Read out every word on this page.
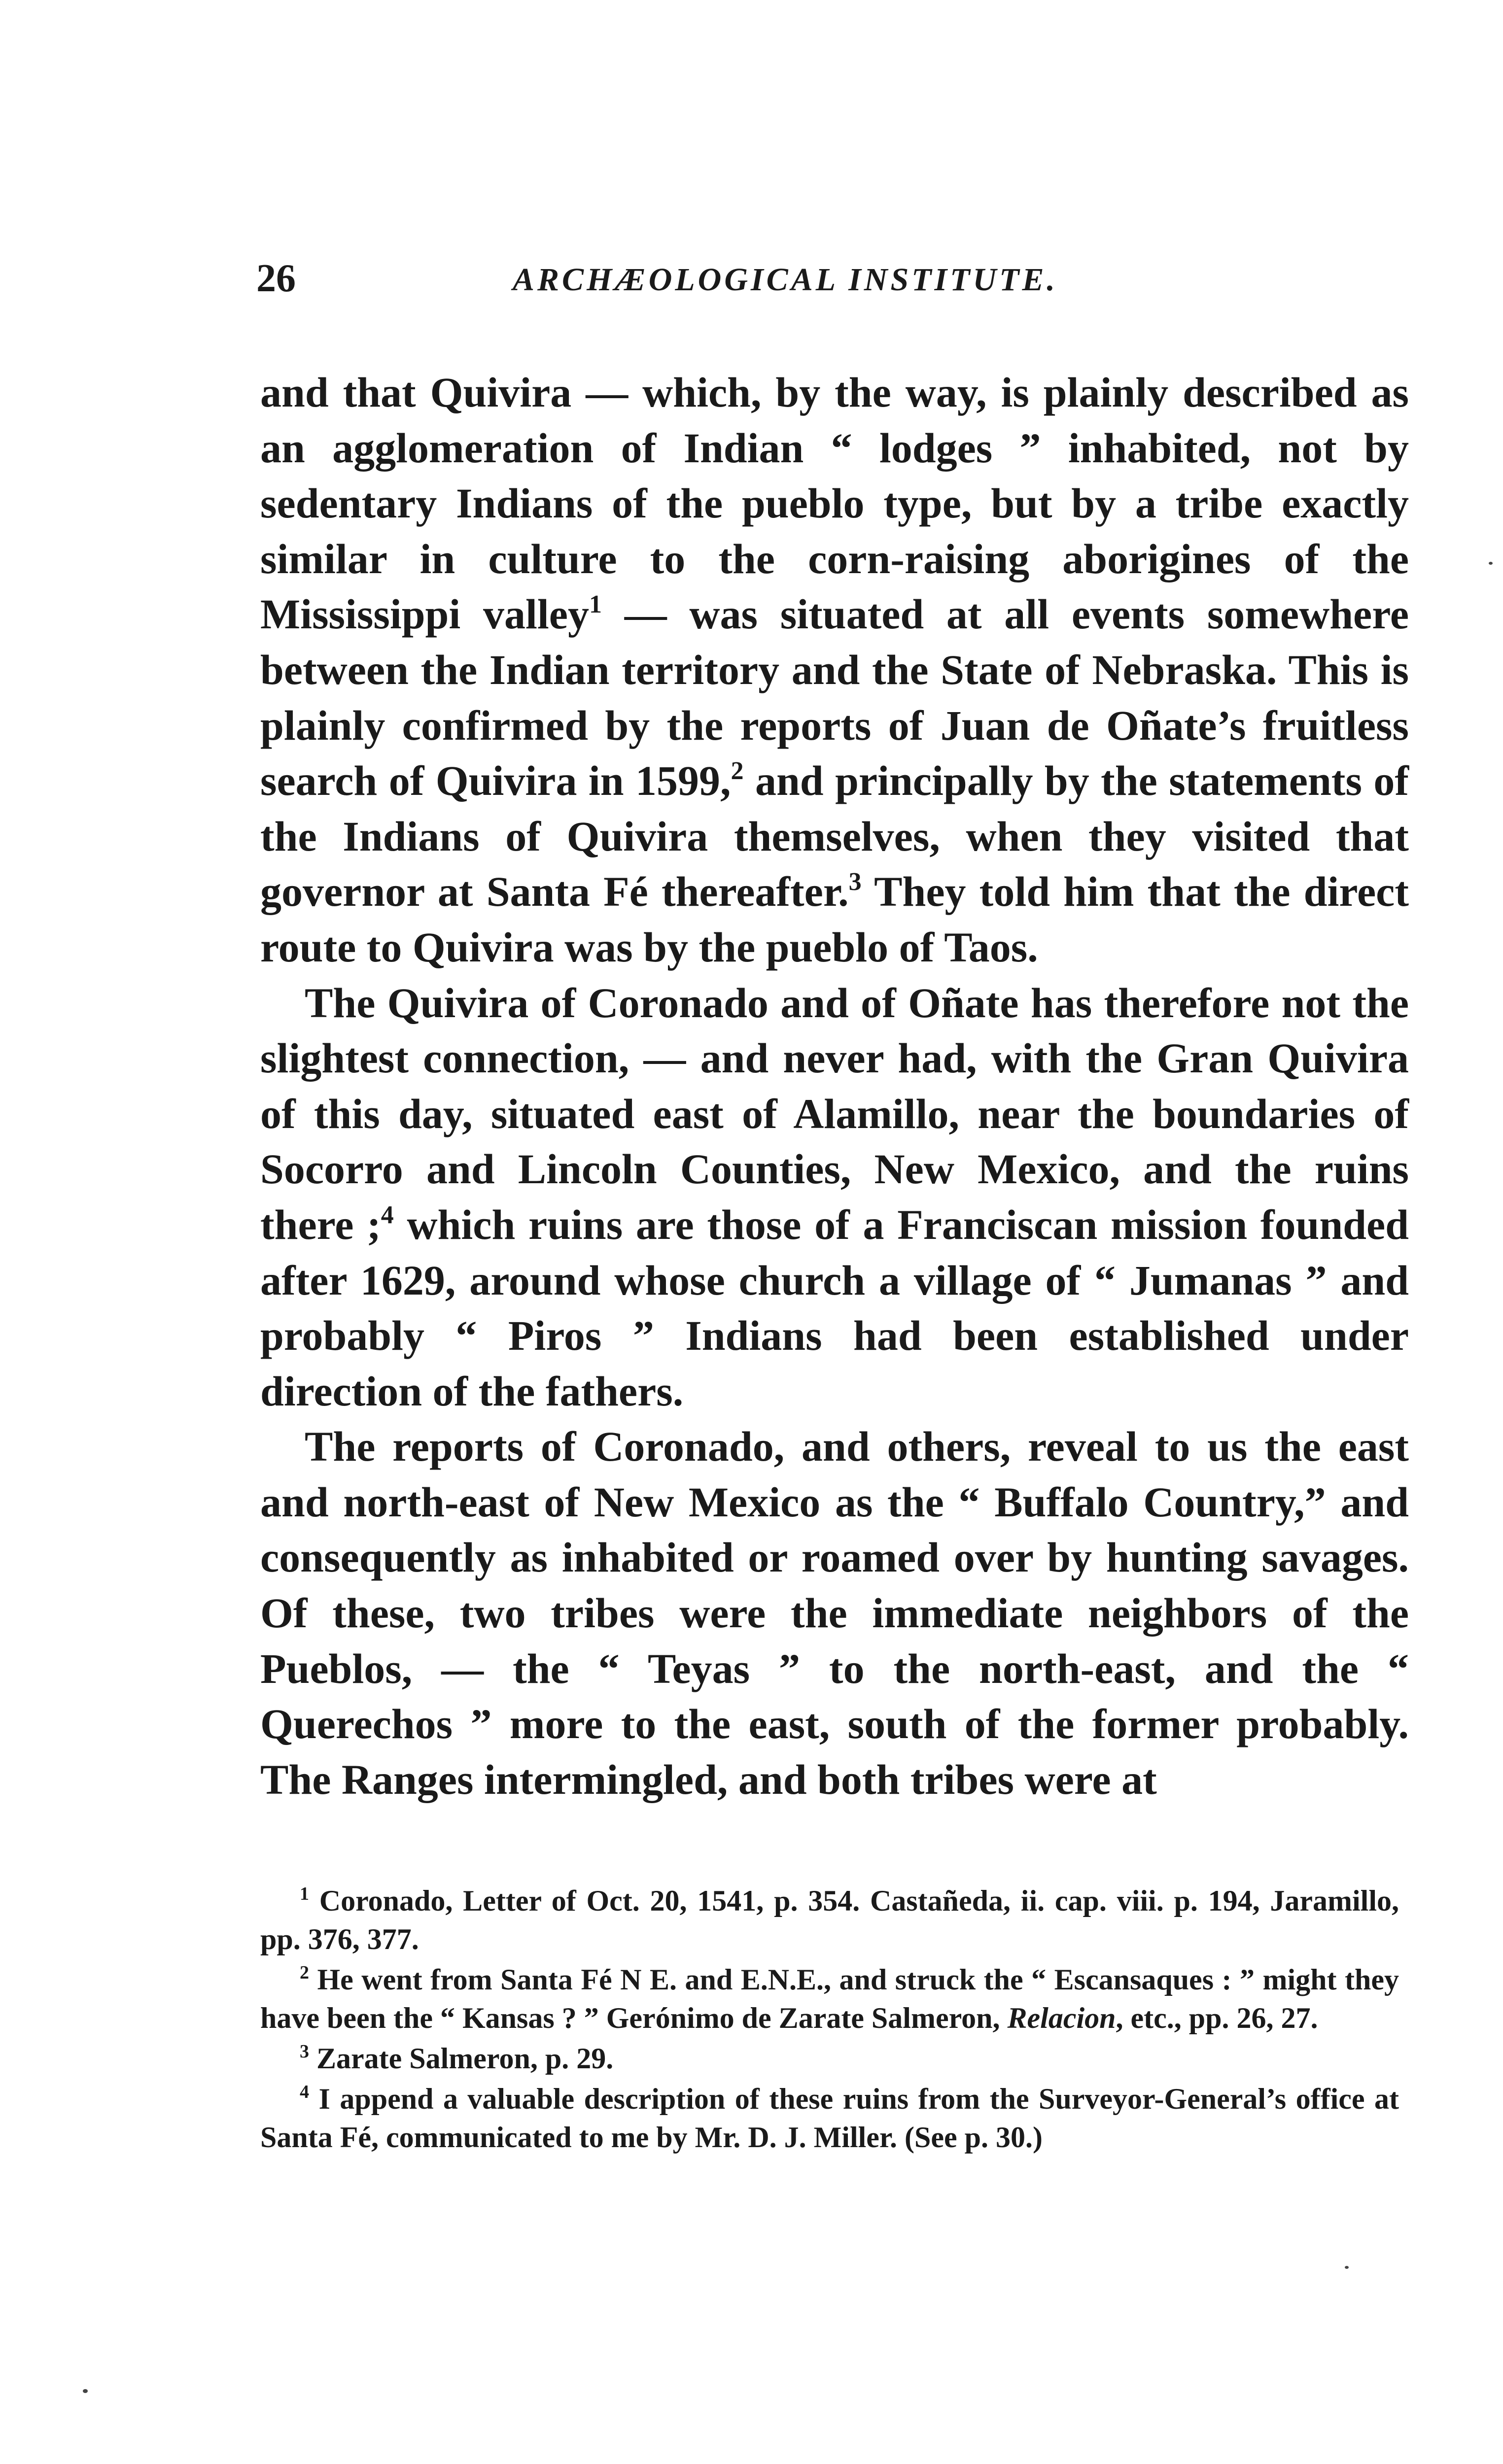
26	ARCHÆOLOGICAL INSTITUTE.

and that Quivira — which, by the way, is plainly described as an agglomeration of Indian “ lodges ” inhabited, not by sedentary Indians of the pueblo type, but by a tribe exactly similar in culture to the corn-raising aborigines of the Mississippi valley$^1$ — was situated at all events somewhere between the Indian territory and the State of Nebraska. This is plainly confirmed by the reports of Juan de Oñate’s fruitless search of Quivira in 1599,$^2$ and principally by the statements of the Indians of Quivira themselves, when they visited that governor at Santa Fé thereafter.$^3$ They told him that the direct route to Quivira was by the pueblo of Taos.

The Quivira of Coronado and of Oñate has therefore not the slightest connection, — and never had, with the Gran Quivira of this day, situated east of Alamillo, near the boundaries of Socorro and Lincoln Counties, New Mexico, and the ruins there ;$^4$ which ruins are those of a Franciscan mission founded after 1629, around whose church a village of “ Jumanas ” and probably “ Piros ” Indians had been established under direction of the fathers.

The reports of Coronado, and others, reveal to us the east and north-east of New Mexico as the “ Buffalo Country,” and consequently as inhabited or roamed over by hunting savages. Of these, two tribes were the immediate neighbors of the Pueblos, — the “ Teyas ” to the north-east, and the “ Querechos ” more to the east, south of the former probably. The Ranges intermingled, and both tribes were at

$^1$ Coronado, Letter of Oct. 20, 1541, p. 354. Castañeda, ii. cap. viii. p. 194, Jaramillo, pp. 376, 377.

$^2$ He went from Santa Fé N E. and E.N.E., and struck the “ Escansaques : ” might they have been the “ Kansas ? ” Gerónimo de Zarate Salmeron, Relacion, etc., pp. 26, 27.

$^3$ Zarate Salmeron, p. 29.

$^4$ I append a valuable description of these ruins from the Surveyor-General’s office at Santa Fé, communicated to me by Mr. D. J. Miller. (See p. 30.)
